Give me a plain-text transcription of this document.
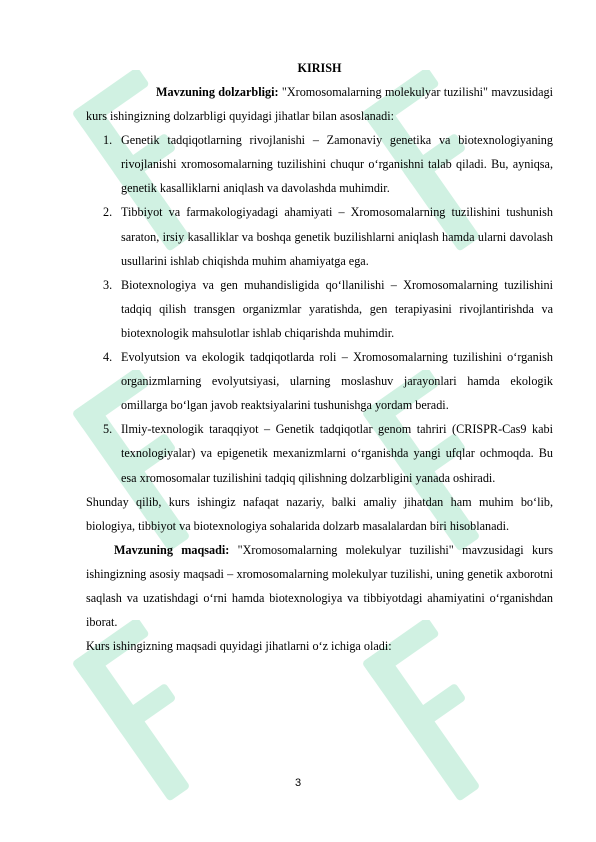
KIRISH

Mavzuning dolzarbligi: "Xromosomalarning molekulyar tuzilishi" mavzusidagi kurs ishingizning dolzarbligi quyidagi jihatlar bilan asoslanadi:

1. Genetik tadqiqotlarning rivojlanishi – Zamonaviy genetika va biotexnologiyaning rivojlanishi xromosomalarning tuzilishini chuqur o‘rganishni talab qiladi. Bu, ayniqsa, genetik kasalliklarni aniqlash va davolashda muhimdir.
2. Tibbiyot va farmakologiyadagi ahamiyati – Xromosomalarning tuzilishini tushunish saraton, irsiy kasalliklar va boshqa genetik buzilishlarni aniqlash hamda ularni davolash usullarini ishlab chiqishda muhim ahamiyatga ega.
3. Biotexnologiya va gen muhandisligida qo‘llanilishi – Xromosomalarning tuzilishini tadqiq qilish transgen organizmlar yaratishda, gen terapiyasini rivojlantirishda va biotexnologik mahsulotlar ishlab chiqarishda muhimdir.
4. Evolyutsion va ekologik tadqiqotlarda roli – Xromosomalarning tuzilishini o‘rganish organizmlarning evolyutsiyasi, ularning moslashuv jarayonlari hamda ekologik omillarga bo‘lgan javob reaktsiyalarini tushunishga yordam beradi.
5. Ilmiy-texnologik taraqqiyot – Genetik tadqiqotlar genom tahriri (CRISPR-Cas9 kabi texnologiyalar) va epigenetik mexanizmlarni o‘rganishda yangi ufqlar ochmoqda. Bu esa xromosomalar tuzilishini tadqiq qilishning dolzarbligini yanada oshiradi.

Shunday qilib, kurs ishingiz nafaqat nazariy, balki amaliy jihatdan ham muhim bo‘lib, biologiya, tibbiyot va biotexnologiya sohalarida dolzarb masalalardan biri hisoblanadi.

Mavzuning maqsadi: "Xromosomalarning molekulyar tuzilishi" mavzusidagi kurs ishingizning asosiy maqsadi – xromosomalarning molekulyar tuzilishi, uning genetik axborotni saqlash va uzatishdagi o‘rni hamda biotexnologiya va tibbiyotdagi ahamiyatini o‘rganishdan iborat.

Kurs ishingizning maqsadi quyidagi jihatlarni o‘z ichiga oladi:

3
